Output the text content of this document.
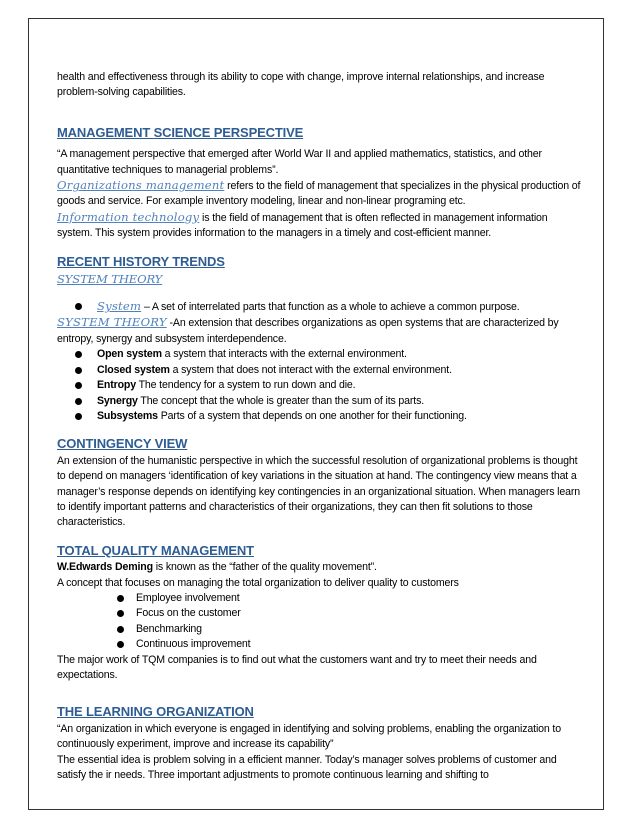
health and effectiveness through its ability to cope with change, improve internal relationships, and increase problem-solving capabilities.

MANAGEMENT SCIENCE PERSPECTIVE

“A management perspective that emerged after World War II and applied mathematics, statistics, and other quantitative techniques to managerial problems”.

Organizations management refers to the field of management that specializes in the physical production of goods and service. For example inventory modeling, linear and non-linear programing etc.

Information technology is the field of management that is often reflected in management information system. This system provides information to the managers in a timely and cost-efficient manner.

RECENT HISTORY TRENDS
SYSTEM THEORY
System – A set of interrelated parts that function as a whole to achieve a common purpose.

SYSTEM THEORY -An extension that describes organizations as open systems that are characterized by entropy, synergy and subsystem interdependence.

Open system a system that interacts with the external environment.
Closed system a system that does not interact with the external environment.
Entropy The tendency for a system to run down and die.
Synergy The concept that the whole is greater than the sum of its parts.
Subsystems Parts of a system that depends on one another for their functioning.
CONTINGENCY VIEW

An extension of the humanistic perspective in which the successful resolution of organizational problems is thought to depend on managers ‘identification of key variations in the situation at hand. The contingency view means that a manager’s response depends on identifying key contingencies in an organizational situation. When managers learn to identify important patterns and characteristics of their organizations, they can then fit solutions to those characteristics.

TOTAL QUALITY MANAGEMENT

W.Edwards Deming is known as the “father of the quality movement”.

A concept that focuses on managing the total organization to deliver quality to customers

Employee involvement
Focus on the customer
Benchmarking
Continuous improvement

The major work of TQM companies is to find out what the customers want and try to meet their needs and expectations.

THE LEARNING ORGANIZATION

“An organization in which everyone is engaged in identifying and solving problems, enabling the organization to continuously experiment, improve and increase its capability”

The essential idea is problem solving in a efficient manner. Today’s manager solves problems of customer and satisfy the ir needs. Three important adjustments to promote continuous learning and shifting to
